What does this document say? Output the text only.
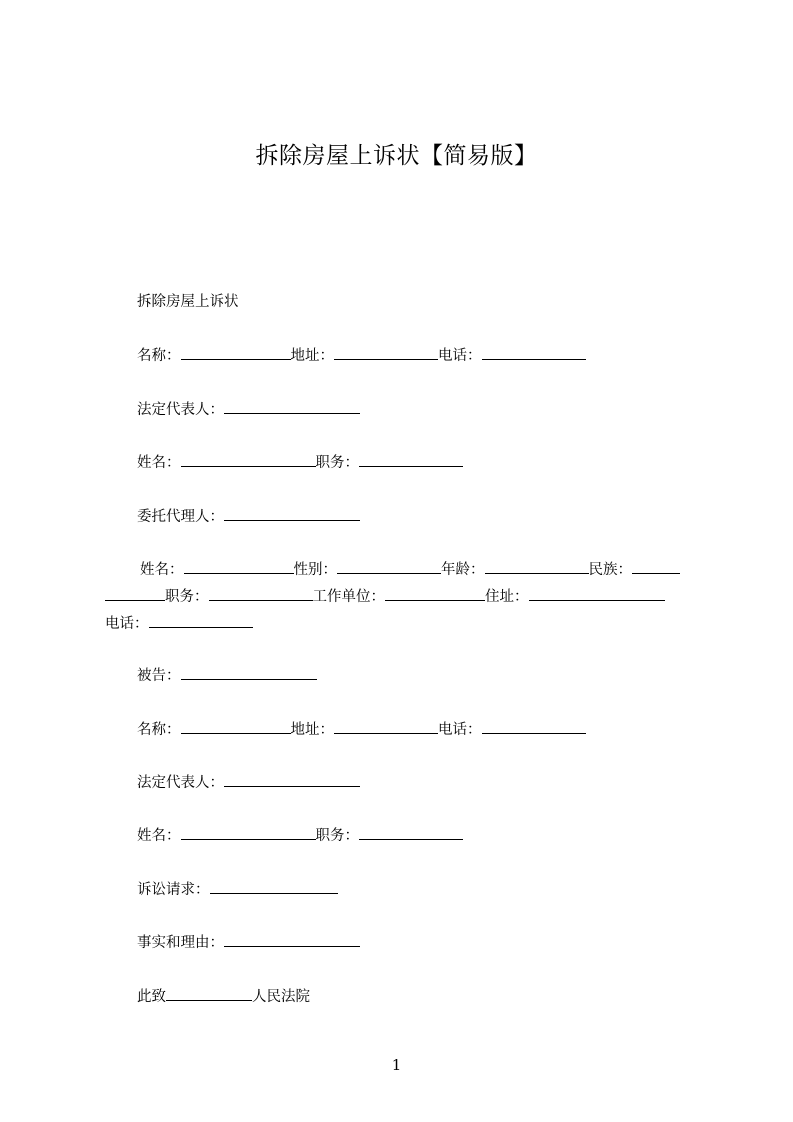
拆除房屋上诉状【简易版】
拆除房屋上诉状
名称：	地址：	电话：
法定代表人：
姓名：	职务：
委托代理人：
姓名：	性别：	年龄：	民族：
职务：	工作单位：	住址：
电话：
被告：
名称：	地址：	电话：
法定代表人：
姓名：	职务：
诉讼请求：
事实和理由：
此致	人民法院
1
